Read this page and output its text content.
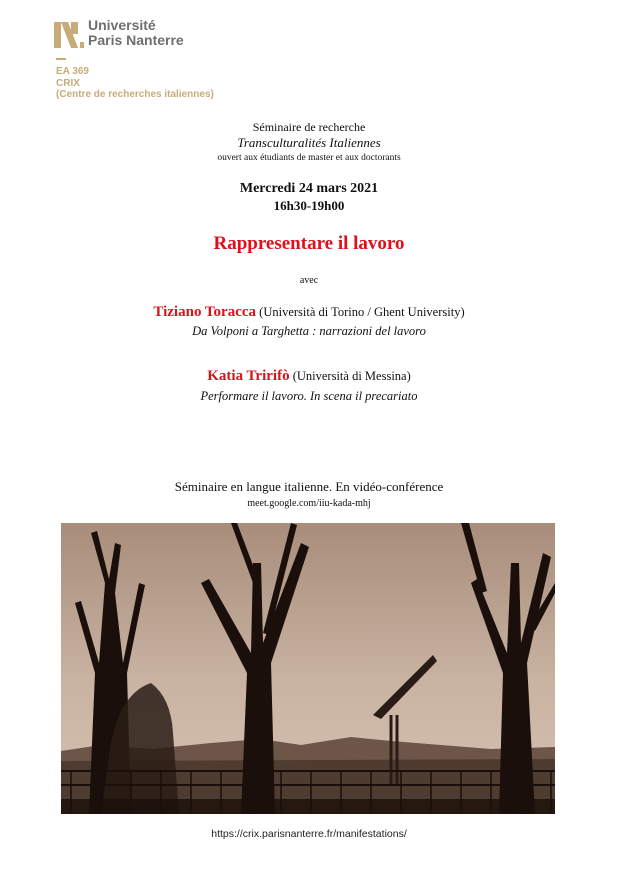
Université
Paris Nanterre
EA 369
CRIX
(Centre de recherches italiennes)
Séminaire de recherche
Transculturalités Italiennes
ouvert aux étudiants de master et aux doctorants
Mercredi 24 mars 2021
16h30-19h00
Rappresentare il lavoro
avec
Tiziano Toracca (Università di Torino / Ghent University)
Da Volponi a Targhetta : narrazioni del lavoro
Katia Tririfò (Università di Messina)
Performare il lavoro. In scena il precariato
Séminaire en langue italienne. En vidéo-conférence
meet.google.com/iiu-kada-mhj
https://crix.parisnanterre.fr/manifestations/
